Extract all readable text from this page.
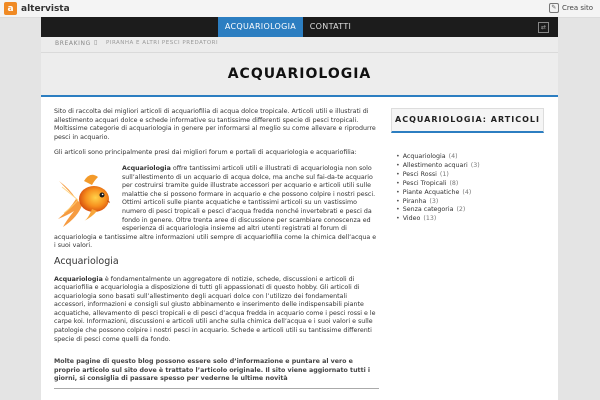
a altervista	✎ Crea sito
ACQUARIOLOGIA	CONTATTI	⇄
BREAKING ▯ PIRANHA E ALTRI PESCI PREDATORI
ACQUARIOLOGIA

Sito di raccolta dei migliori articoli di acquariofilia di acqua dolce tropicale. Articoli utili e illustrati di allestimento acquari dolce e schede informative su tantissime differenti specie di pesci tropicali. Moltissime categorie di acquariologia in genere per informarsi al meglio su come allevare e riprodurre pesci in acquario.

Gli articoli sono principalmente presi dai migliori forum e portali di acquariologia e acquariofilia:

Acquariologia offre tantissimi articoli utili e illustrati di acquariologia non solo sull’allestimento di un acquario di acqua dolce, ma anche sul fai-da-te acquario per costruirsi tramite guide illustrate accessori per acquario e articoli utili sulle malattie che si possono formare in acquario e che possono colpire i nostri pesci. Ottimi articoli sulle piante acquatiche e tantissimi articoli su un vastissimo numero di pesci tropicali e pesci d’acqua fredda nonché invertebrati e pesci da fondo in genere. Oltre trenta aree di discussione per scambiare conoscenza ed esperienza di acquariologia insieme ad altri utenti registrati al forum di acquariologia e tantissime altre informazioni utili sempre di acquariofilia come la chimica dell’acqua e i suoi valori.

Acquariologia

Acquariologia è fondamentalmente un aggregatore di notizie, schede, discussioni e articoli di acquariofilia e acquariologia a disposizione di tutti gli appassionati di questo hobby. Gli articoli di acquariologia sono basati sull’allestimento degli acquari dolce con l’utilizzo dei fondamentali accessori, informazioni e consigli sul giusto abbinamento e inserimento delle indispensabili piante acquatiche, allevamento di pesci tropicali e di pesci d’acqua fredda in acquario come i pesci rossi e le carpe koi. Informazioni, discussioni e articoli utili anche sulla chimica dell’acqua e i suoi valori e sulle patologie che possono colpire i nostri pesci in acquario. Schede e articoli utili su tantissime differenti specie di pesci come quelli da fondo.

Molte pagine di questo blog possono essere solo d’informazione e puntare al vero e proprio articolo sul sito dove è trattato l’articolo originale. Il sito viene aggiornato tutti i giorni, si consiglia di passare spesso per vederne le ultime novità
ACQUARIOLOGIA: ARTICOLI
• Acquariologia (4)
• Allestimento acquari (3)
• Pesci Rossi (1)
• Pesci Tropicali (8)
• Piante Acquatiche (4)
• Piranha (3)
• Senza categoria (2)
• Video (13)
